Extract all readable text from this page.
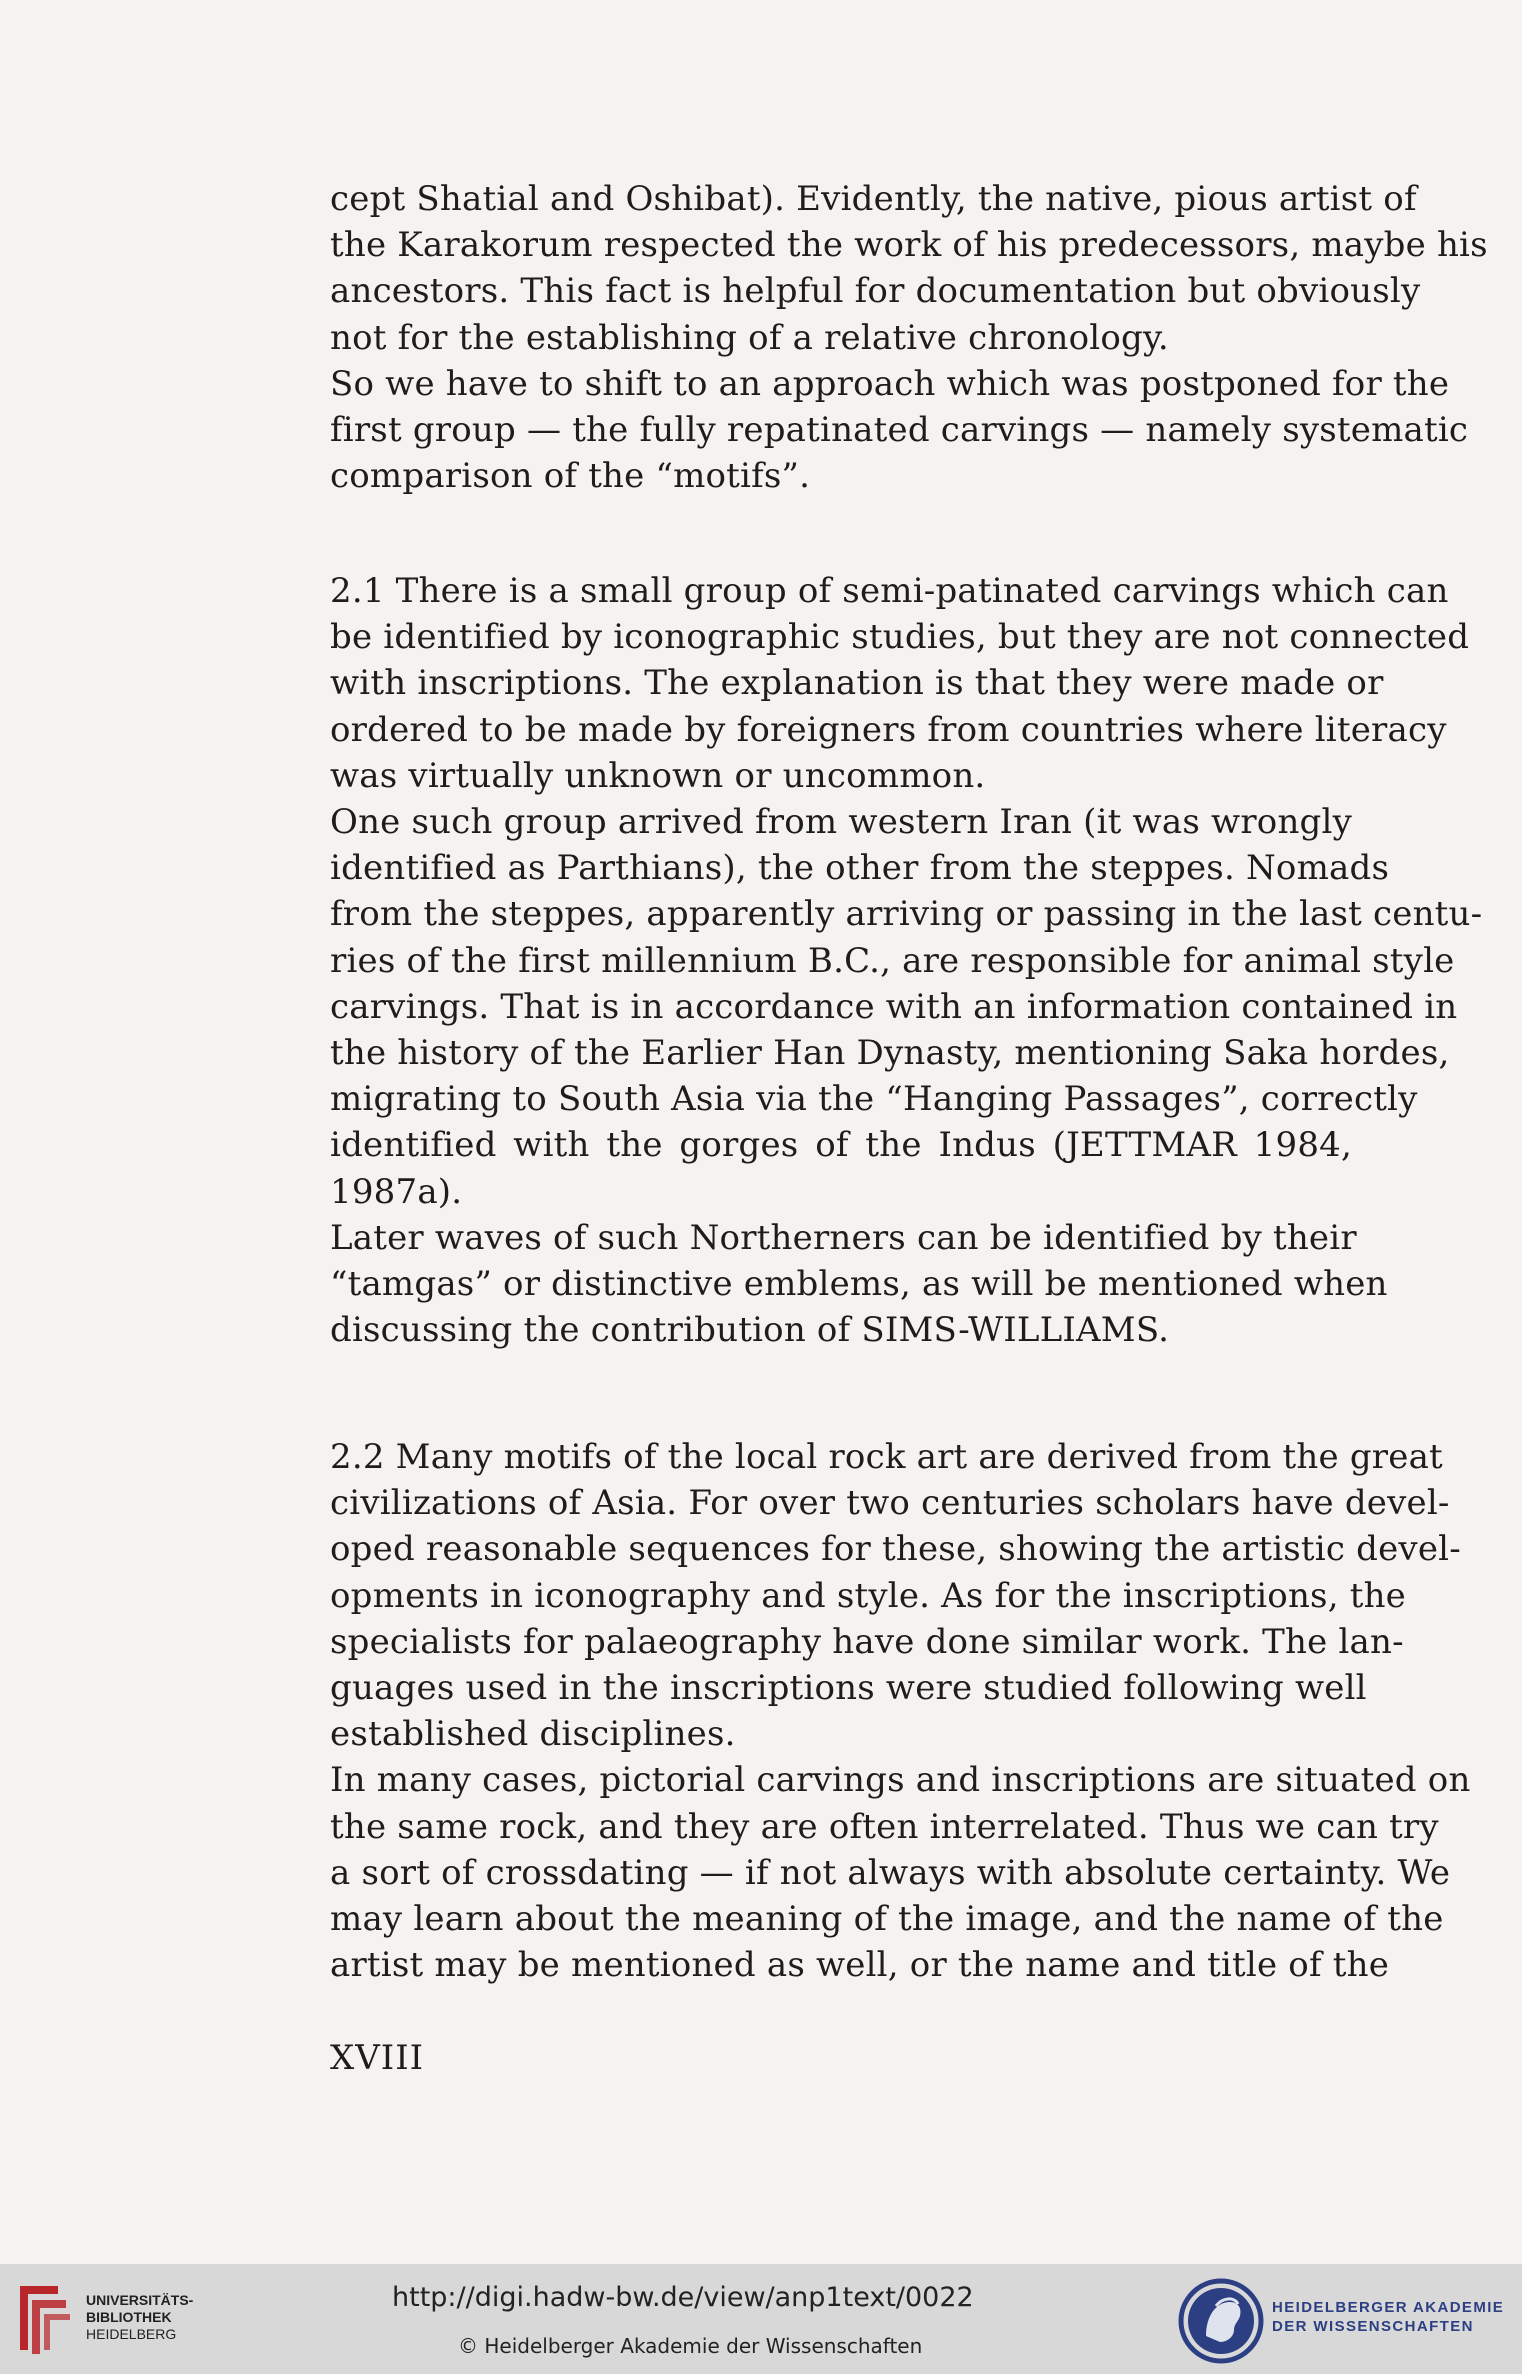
cept Shatial and Oshibat). Evidently, the native, pious artist of
the Karakorum respected the work of his predecessors, maybe his
ancestors. This fact is helpful for documentation but obviously
not for the establishing of a relative chronology.

So we have to shift to an approach which was postponed for the
first group — the fully repatinated carvings — namely systematic
comparison of the “motifs”.

2.1 There is a small group of semi-patinated carvings which can
be identified by iconographic studies, but they are not connected
with inscriptions. The explanation is that they were made or
ordered to be made by foreigners from countries where literacy
was virtually unknown or uncommon.

One such group arrived from western Iran (it was wrongly
identified as Parthians), the other from the steppes. Nomads
from the steppes, apparently arriving or passing in the last centu-
ries of the first millennium B.C., are responsible for animal style
carvings. That is in accordance with an information contained in
the history of the Earlier Han Dynasty, mentioning Saka hordes,
migrating to South Asia via the “Hanging Passages”, correctly
identified with the gorges of the Indus (JETTMAR 1984,
1987a).

Later waves of such Northerners can be identified by their
“tamgas” or distinctive emblems, as will be mentioned when
discussing the contribution of SIMS-WILLIAMS.

2.2 Many motifs of the local rock art are derived from the great
civilizations of Asia. For over two centuries scholars have devel-
oped reasonable sequences for these, showing the artistic devel-
opments in iconography and style. As for the inscriptions, the
specialists for palaeography have done similar work. The lan-
guages used in the inscriptions were studied following well
established disciplines.

In many cases, pictorial carvings and inscriptions are situated on
the same rock, and they are often interrelated. Thus we can try
a sort of crossdating — if not always with absolute certainty. We
may learn about the meaning of the image, and the name of the
artist may be mentioned as well, or the name and title of the

XVIII
UNIVERSITÄTS-
BIBLIOTHEK
HEIDELBERG
http://digi.hadw-bw.de/view/anp1text/0022
© Heidelberger Akademie der Wissenschaften
HEIDELBERGER AKADEMIE
DER WISSENSCHAFTEN
